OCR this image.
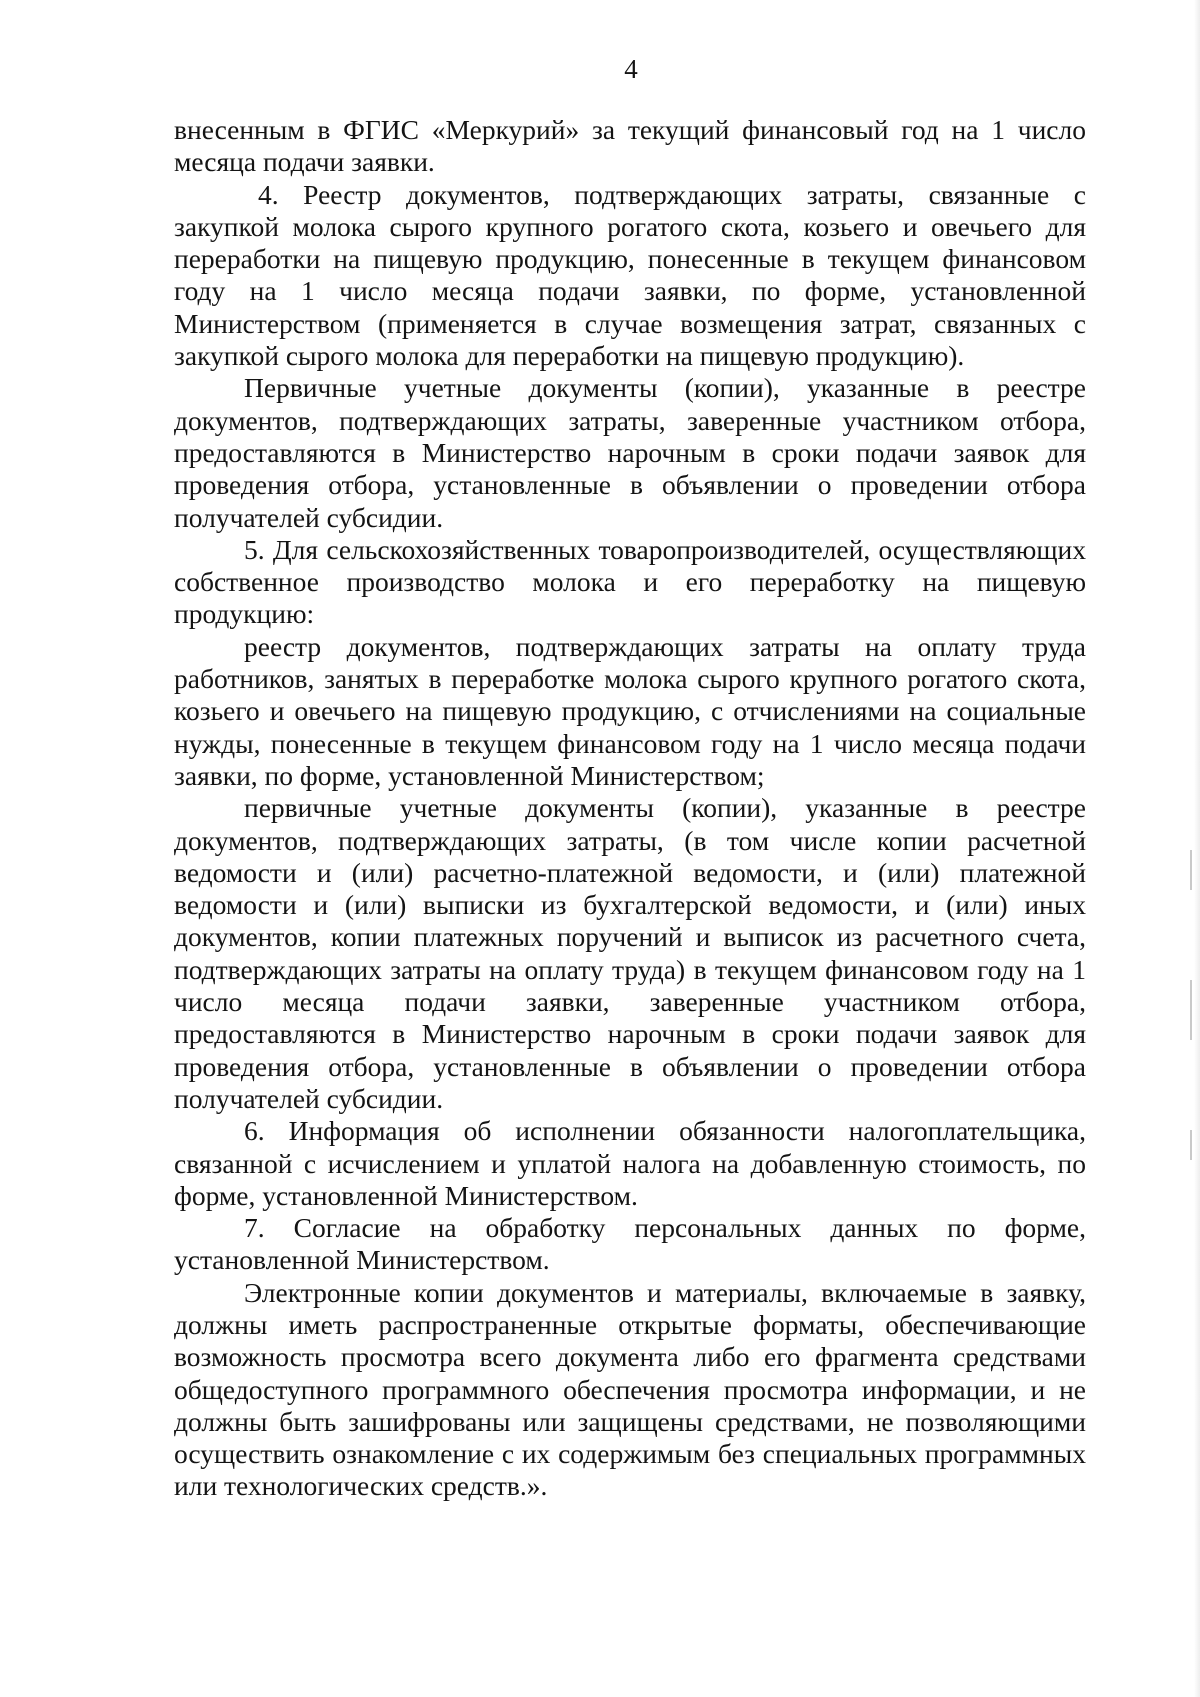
4

внесенным в ФГИС «Меркурий» за текущий финансовый год на 1 число месяца подачи заявки.

4. Реестр документов, подтверждающих затраты, связанные с закупкой молока сырого крупного рогатого скота, козьего и овечьего для переработки на пищевую продукцию, понесенные в текущем финансовом году на 1 число месяца подачи заявки, по форме, установленной Министерством (применяется в случае возмещения затрат, связанных с закупкой сырого молока для переработки на пищевую продукцию).

Первичные учетные документы (копии), указанные в реестре документов, подтверждающих затраты, заверенные участником отбора, предоставляются в Министерство нарочным в сроки подачи заявок для проведения отбора, установленные в объявлении о проведении отбора получателей субсидии.

5. Для сельскохозяйственных товаропроизводителей, осуществляющих собственное производство молока и его переработку на пищевую продукцию:

реестр документов, подтверждающих затраты на оплату труда работников, занятых в переработке молока сырого крупного рогатого скота, козьего и овечьего на пищевую продукцию, с отчислениями на социальные нужды, понесенные в текущем финансовом году на 1 число месяца подачи заявки, по форме, установленной Министерством;

первичные учетные документы (копии), указанные в реестре документов, подтверждающих затраты, (в том числе копии расчетной ведомости и (или) расчетно-платежной ведомости, и (или) платежной ведомости и (или) выписки из бухгалтерской ведомости, и (или) иных документов, копии платежных поручений и выписок из расчетного счета, подтверждающих затраты на оплату труда) в текущем финансовом году на 1 число месяца подачи заявки, заверенные участником отбора, предоставляются в Министерство нарочным в сроки подачи заявок для проведения отбора, установленные в объявлении о проведении отбора получателей субсидии.

6. Информация об исполнении обязанности налогоплательщика, связанной с исчислением и уплатой налога на добавленную стоимость, по форме, установленной Министерством.

7. Согласие на обработку персональных данных по форме, установленной Министерством.

Электронные копии документов и материалы, включаемые в заявку, должны иметь распространенные открытые форматы, обеспечивающие возможность просмотра всего документа либо его фрагмента средствами общедоступного программного обеспечения просмотра информации, и не должны быть зашифрованы или защищены средствами, не позволяющими осуществить ознакомление с их содержимым без специальных программных или технологических средств.».
